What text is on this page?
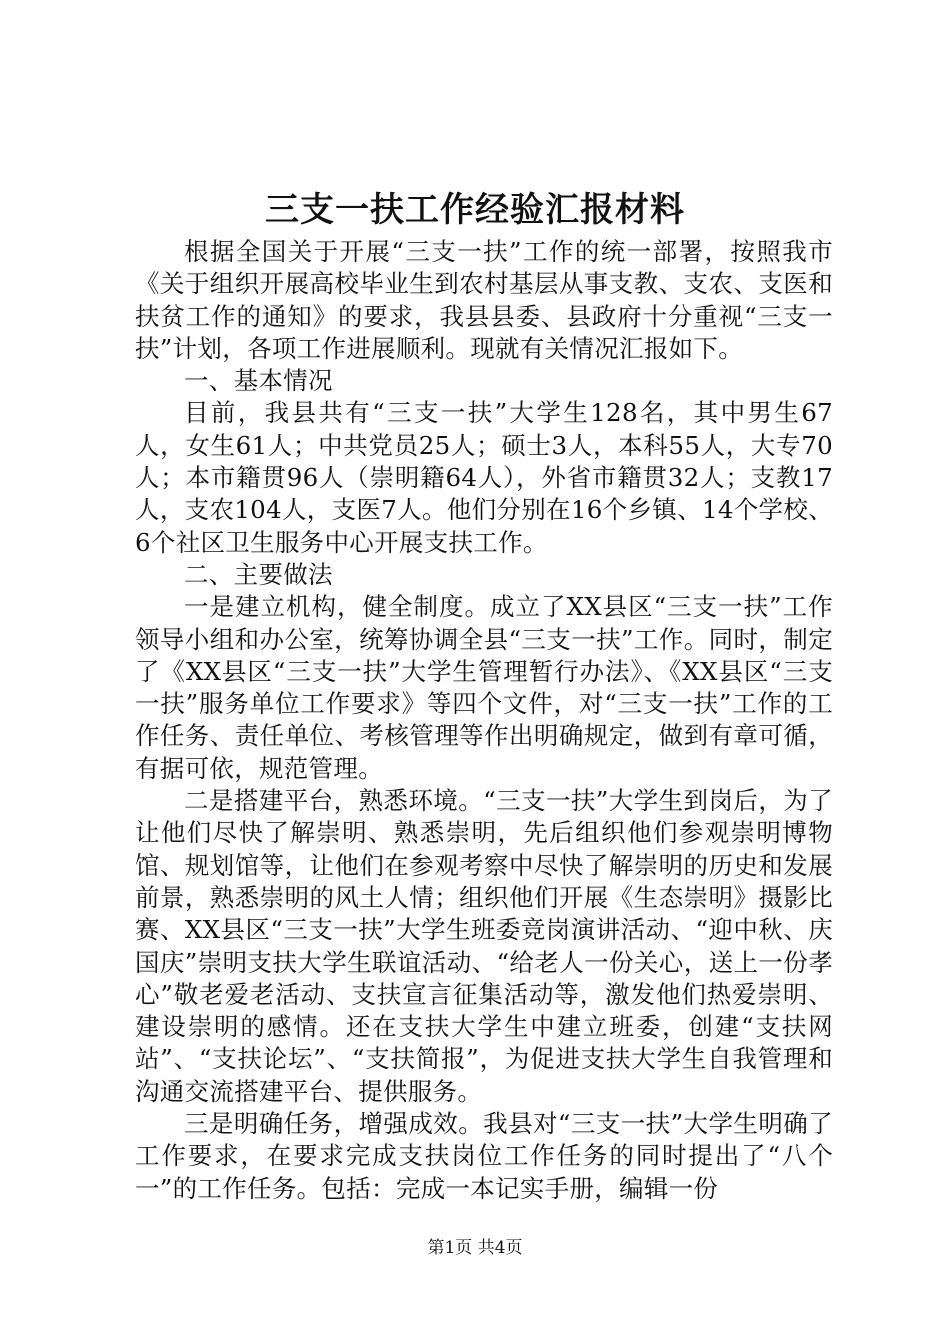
三支一扶工作经验汇报材料

根据全国关于开展“三支一扶”工作的统一部署，按照我市《关于组织开展高校毕业生到农村基层从事支教、支农、支医和扶贫工作的通知》的要求，我县县委、县政府十分重视“三支一扶”计划，各项工作进展顺利。现就有关情况汇报如下。

一、基本情况

目前，我县共有“三支一扶”大学生128名，其中男生67人，女生61人；中共党员25人；硕士3人，本科55人，大专70人；本市籍贯96人（崇明籍64人），外省市籍贯32人；支教17人，支农104人，支医7人。他们分别在16个乡镇、14个学校、6个社区卫生服务中心开展支扶工作。

二、主要做法

一是建立机构，健全制度。成立了XX县区“三支一扶”工作领导小组和办公室，统筹协调全县“三支一扶”工作。同时，制定了《XX县区“三支一扶”大学生管理暂行办法》、《XX县区“三支一扶”服务单位工作要求》等四个文件，对“三支一扶”工作的工作任务、责任单位、考核管理等作出明确规定，做到有章可循，有据可依，规范管理。

二是搭建平台，熟悉环境。“三支一扶”大学生到岗后，为了让他们尽快了解崇明、熟悉崇明，先后组织他们参观崇明博物馆、规划馆等，让他们在参观考察中尽快了解崇明的历史和发展前景，熟悉崇明的风土人情；组织他们开展《生态崇明》摄影比赛、XX县区“三支一扶”大学生班委竞岗演讲活动、“迎中秋、庆国庆”崇明支扶大学生联谊活动、“给老人一份关心，送上一份孝心”敬老爱老活动、支扶宣言征集活动等，激发他们热爱崇明、建设崇明的感情。还在支扶大学生中建立班委，创建“支扶网站”、“支扶论坛”、“支扶简报”，为促进支扶大学生自我管理和沟通交流搭建平台、提供服务。

三是明确任务，增强成效。我县对“三支一扶”大学生明确了工作要求，在要求完成支扶岗位工作任务的同时提出了“八个一”的工作任务。包括：完成一本记实手册，编辑一份

第1页 共4页
